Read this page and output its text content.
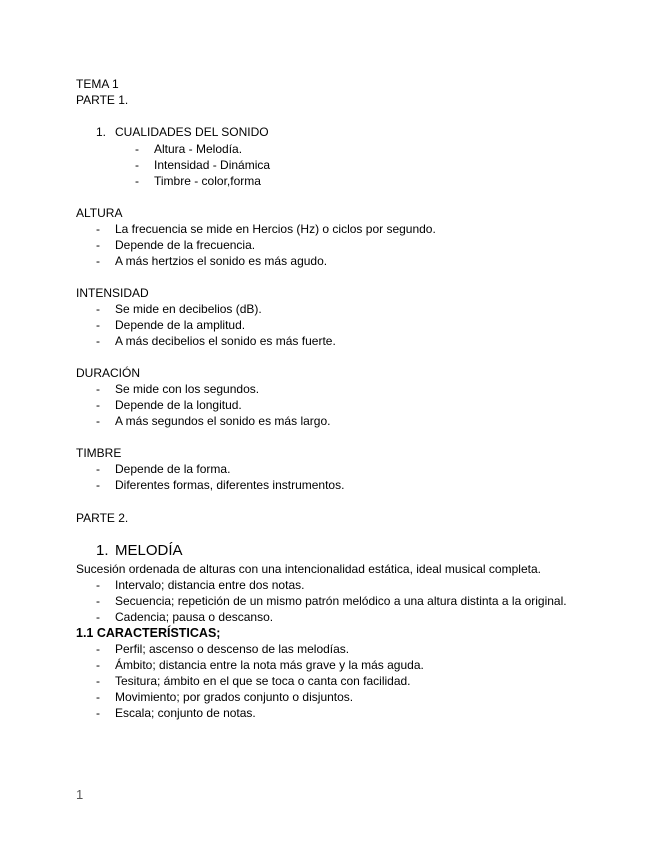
TEMA 1
PARTE 1.
1. CUALIDADES DEL SONIDO
- Altura - Melodía.
- Intensidad - Dinámica
- Timbre - color,forma
ALTURA
- La frecuencia se mide en Hercios (Hz) o ciclos por segundo.
- Depende de la frecuencia.
- A más hertzios el sonido es más agudo.
INTENSIDAD
- Se mide en decibelios (dB).
- Depende de la amplitud.
- A más decibelios el sonido es más fuerte.
DURACIÓN
- Se mide con los segundos.
- Depende de la longitud.
- A más segundos el sonido es más largo.
TIMBRE
- Depende de la forma.
- Diferentes formas, diferentes instrumentos.
PARTE 2.
1. MELODÍA
Sucesión ordenada de alturas con una intencionalidad estática, ideal musical completa.
- Intervalo; distancia entre dos notas.
- Secuencia; repetición de un mismo patrón melódico a una altura distinta a la original.
- Cadencia; pausa o descanso.
1.1 CARACTERÍSTICAS;
- Perfil; ascenso o descenso de las melodías.
- Ámbito; distancia entre la nota más grave y la más aguda.
- Tesitura; ámbito en el que se toca o canta con facilidad.
- Movimiento; por grados conjunto o disjuntos.
- Escala; conjunto de notas.
1
